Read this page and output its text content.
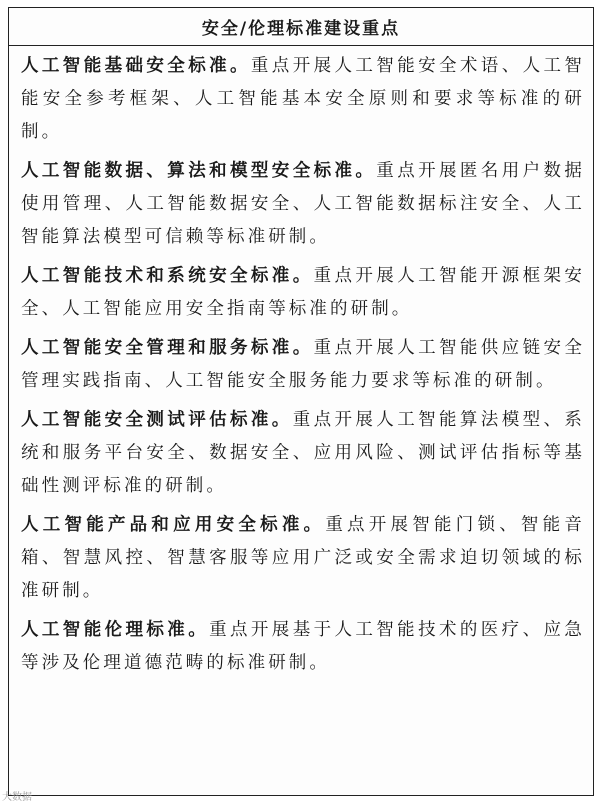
安全/伦理标准建设重点

人工智能基础安全标准。重点开展人工智能安全术语、人工智能安全参考框架、人工智能基本安全原则和要求等标准的研制。

人工智能数据、算法和模型安全标准。重点开展匿名用户数据使用管理、人工智能数据安全、人工智能数据标注安全、人工智能算法模型可信赖等标准研制。

人工智能技术和系统安全标准。重点开展人工智能开源框架安全、人工智能应用安全指南等标准的研制。

人工智能安全管理和服务标准。重点开展人工智能供应链安全管理实践指南、人工智能安全服务能力要求等标准的研制。

人工智能安全测试评估标准。重点开展人工智能算法模型、系统和服务平台安全、数据安全、应用风险、测试评估指标等基础性测评标准的研制。

人工智能产品和应用安全标准。重点开展智能门锁、智能音箱、智慧风控、智慧客服等应用广泛或安全需求迫切领域的标准研制。

人工智能伦理标准。重点开展基于人工智能技术的医疗、应急等涉及伦理道德范畴的标准研制。

大数据
